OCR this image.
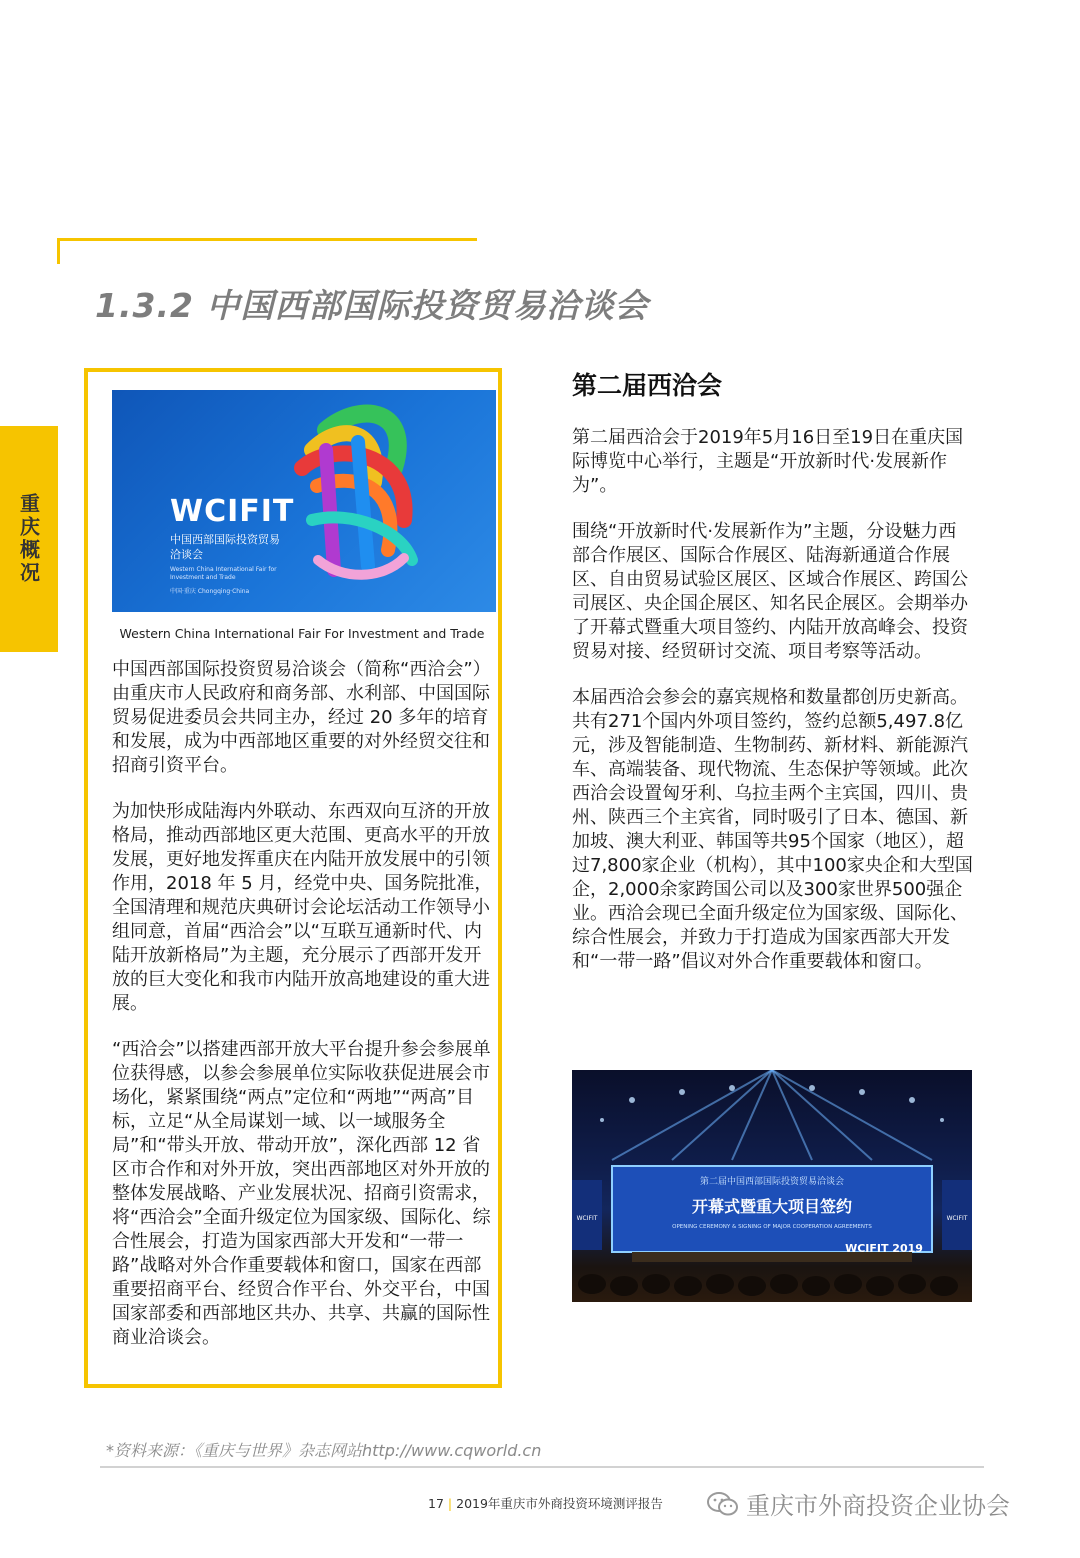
1.3.2 中国西部国际投资贸易洽谈会
重庆概况	WCIFIT
中国西部国际投资贸易洽谈会
Western China International Fair for Investment and Trade
中国·重庆 Chongqing·China
Western China International Fair For Investment and Trade

中国西部国际投资贸易洽谈会（简称“西洽会”）由重庆市人民政府和商务部、水利部、中国国际贸易促进委员会共同主办，经过 20 多年的培育和发展，成为中西部地区重要的对外经贸交往和招商引资平台。

为加快形成陆海内外联动、东西双向互济的开放格局，推动西部地区更大范围、更高水平的开放发展，更好地发挥重庆在内陆开放发展中的引领作用，2018 年 5 月，经党中央、国务院批准，全国清理和规范庆典研讨会论坛活动工作领导小组同意，首届“西洽会”以“互联互通新时代、内陆开放新格局”为主题，充分展示了西部开发开放的巨大变化和我市内陆开放高地建设的重大进展。

“西洽会”以搭建西部开放大平台提升参会参展单位获得感，以参会参展单位实际收获促进展会市场化，紧紧围绕“两点”定位和“两地”“两高”目标，立足“从全局谋划一域、以一域服务全局”和“带头开放、带动开放”，深化西部 12 省区市合作和对外开放，突出西部地区对外开放的整体发展战略、产业发展状况、招商引资需求，将“西洽会”全面升级定位为国家级、国际化、综合性展会，打造为国家西部大开发和“一带一路”战略对外合作重要载体和窗口，国家在西部重要招商平台、经贸合作平台、外交平台，中国国家部委和西部地区共办、共享、共赢的国际性商业洽谈会。

第二届西洽会

第二届西洽会于2019年5月16日至19日在重庆国际博览中心举行，主题是“开放新时代·发展新作为”。

围绕“开放新时代·发展新作为”主题，分设魅力西部合作展区、国际合作展区、陆海新通道合作展区、自由贸易试验区展区、区域合作展区、跨国公司展区、央企国企展区、知名民企展区。会期举办了开幕式暨重大项目签约、内陆开放高峰会、投资贸易对接、经贸研讨交流、项目考察等活动。

本届西洽会参会的嘉宾规格和数量都创历史新高。共有271个国内外项目签约，签约总额5,497.8亿元，涉及智能制造、生物制药、新材料、新能源汽车、高端装备、现代物流、生态保护等领域。此次西洽会设置匈牙利、乌拉圭两个主宾国，四川、贵州、陕西三个主宾省，同时吸引了日本、德国、新加坡、澳大利亚、韩国等共95个国家（地区），超过7,800家企业（机构），其中100家央企和大型国企，2,000余家跨国公司以及300家世界500强企业。西洽会现已全面升级定位为国家级、国际化、综合性展会，并致力于打造成为国家西部大开发和“一带一路”倡议对外合作重要载体和窗口。

第二届中国西部国际投资贸易洽谈会
开幕式暨重大项目签约
OPENING CEREMONY & SIGNING OF MAJOR COOPERATION AGREEMENTS
WCIFIT	WCIFIT
WCIFIT 2019
*资料来源：《重庆与世界》杂志网站http://www.cqworld.cn
17 | 2019年重庆市外商投资环境测评报告	重庆市外商投资企业协会
